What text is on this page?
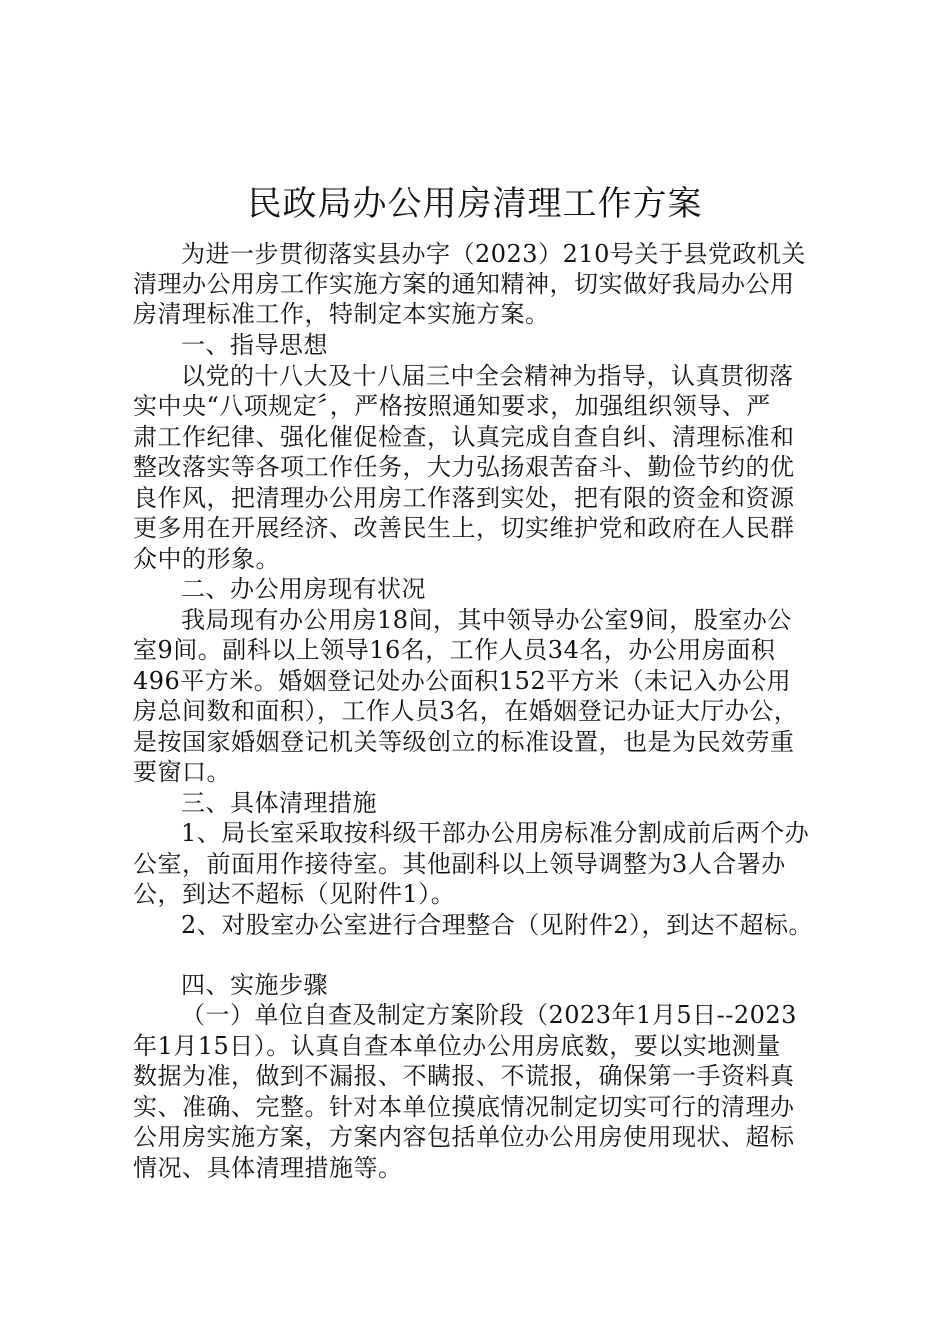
民政局办公用房清理工作方案
为进一步贯彻落实县办字（2023）210号关于县党政机关
清理办公用房工作实施方案的通知精神，切实做好我局办公用
房清理标准工作，特制定本实施方案。
一、指导思想
以党的十八大及十八届三中全会精神为指导，认真贯彻落
实中央“八项规定〞，严格按照通知要求，加强组织领导、严
肃工作纪律、强化催促检查，认真完成自查自纠、清理标准和
整改落实等各项工作任务，大力弘扬艰苦奋斗、勤俭节约的优
良作风，把清理办公用房工作落到实处，把有限的资金和资源
更多用在开展经济、改善民生上，切实维护党和政府在人民群
众中的形象。
二、办公用房现有状况
我局现有办公用房18间，其中领导办公室9间，股室办公
室9间。副科以上领导16名，工作人员34名，办公用房面积
496平方米。婚姻登记处办公面积152平方米（未记入办公用
房总间数和面积），工作人员3名，在婚姻登记办证大厅办公，
是按国家婚姻登记机关等级创立的标准设置，也是为民效劳重
要窗口。
三、具体清理措施
1、局长室采取按科级干部办公用房标准分割成前后两个办
公室，前面用作接待室。其他副科以上领导调整为3人合署办
公，到达不超标（见附件1）。
2、对股室办公室进行合理整合（见附件2），到达不超标。
四、实施步骤
（一）单位自查及制定方案阶段（2023年1月5日--2023
年1月15日）。认真自查本单位办公用房底数，要以实地测量
数据为准，做到不漏报、不瞒报、不谎报，确保第一手资料真
实、准确、完整。针对本单位摸底情况制定切实可行的清理办
公用房实施方案，方案内容包括单位办公用房使用现状、超标
情况、具体清理措施等。
